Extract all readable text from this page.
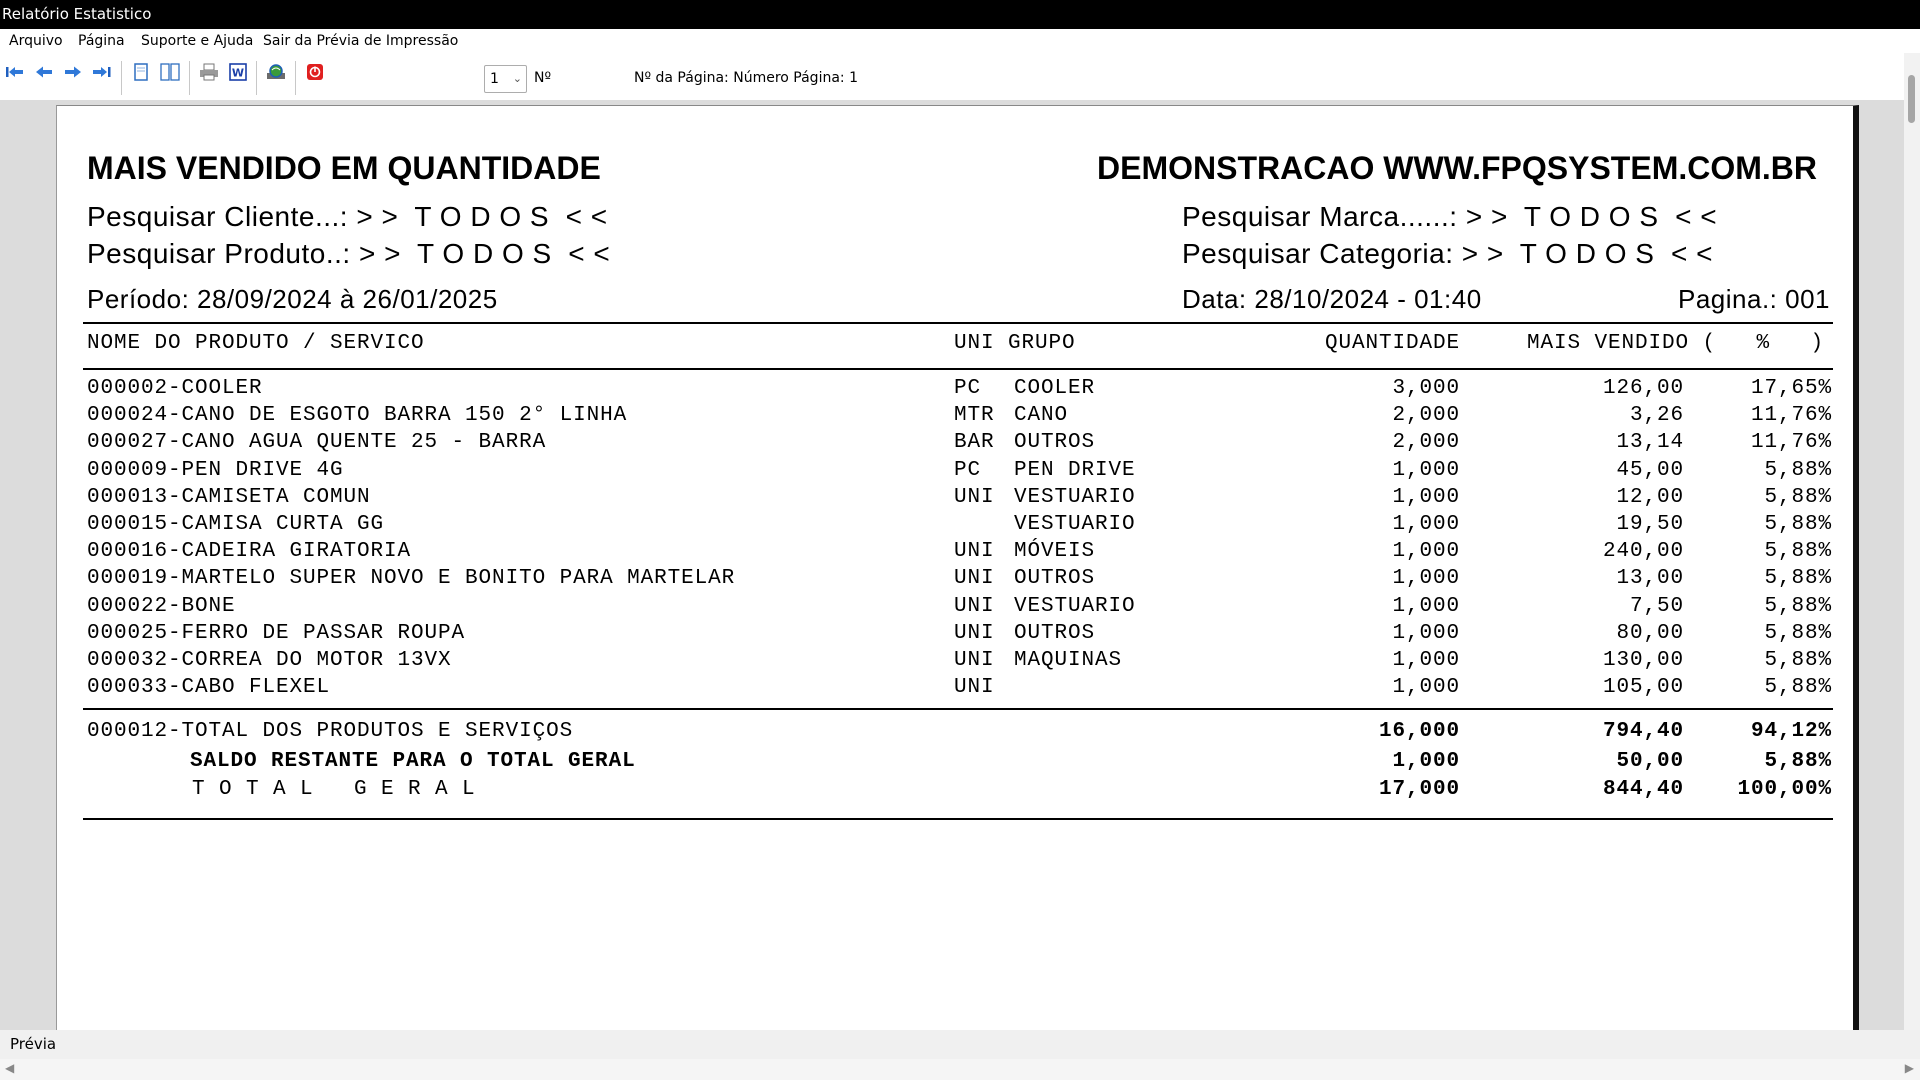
Relatório Estatistico
Arquivo Página Suporte e Ajuda Sair da Prévia de Impressão
W	1 ⌄ Nº	Nº da Página: Número Página: 1
MAIS VENDIDO EM QUANTIDADE	DEMONSTRACAO WWW.FPQSYSTEM.COM.BR
Pesquisar Cliente...: > >  T O D O S  < <
Pesquisar Produto..: > >  T O D O S  < <
Pesquisar Marca......: > >  T O D O S  < <
Pesquisar Categoria: > >  T O D O S  < <
Período: 28/09/2024 à 26/01/2025	Data: 28/10/2024 - 01:40	Pagina.: 001
NOME DO PRODUTO / SERVICO	UNI GRUPO	QUANTIDADE	MAIS VENDIDO (   %   )
000002-COOLER	PC COOLER	3,000	126,00	17,65%
000024-CANO DE ESGOTO BARRA 150 2° LINHA	MTR CANO	2,000	3,26	11,76%
000027-CANO AGUA QUENTE 25 - BARRA	BAR OUTROS	2,000	13,14	11,76%
000009-PEN DRIVE 4G	PC PEN DRIVE	1,000	45,00	5,88%
000013-CAMISETA COMUN	UNI VESTUARIO	1,000	12,00	5,88%
000015-CAMISA CURTA GG	VESTUARIO	1,000	19,50	5,88%
000016-CADEIRA GIRATORIA	UNI MÓVEIS	1,000	240,00	5,88%
000019-MARTELO SUPER NOVO E BONITO PARA MARTELAR	UNI OUTROS	1,000	13,00	5,88%
000022-BONE	UNI VESTUARIO	1,000	7,50	5,88%
000025-FERRO DE PASSAR ROUPA	UNI OUTROS	1,000	80,00	5,88%
000032-CORREA DO MOTOR 13VX	UNI MAQUINAS	1,000	130,00	5,88%
000033-CABO FLEXEL	UNI	1,000	105,00	5,88%
000012-TOTAL DOS PRODUTOS E SERVIÇOS	16,000	794,40	94,12%
SALDO RESTANTE PARA O TOTAL GERAL	1,000	50,00	5,88%
T O T A L   G E R A L	17,000	844,40	100,00%
Prévia
◀	▶
